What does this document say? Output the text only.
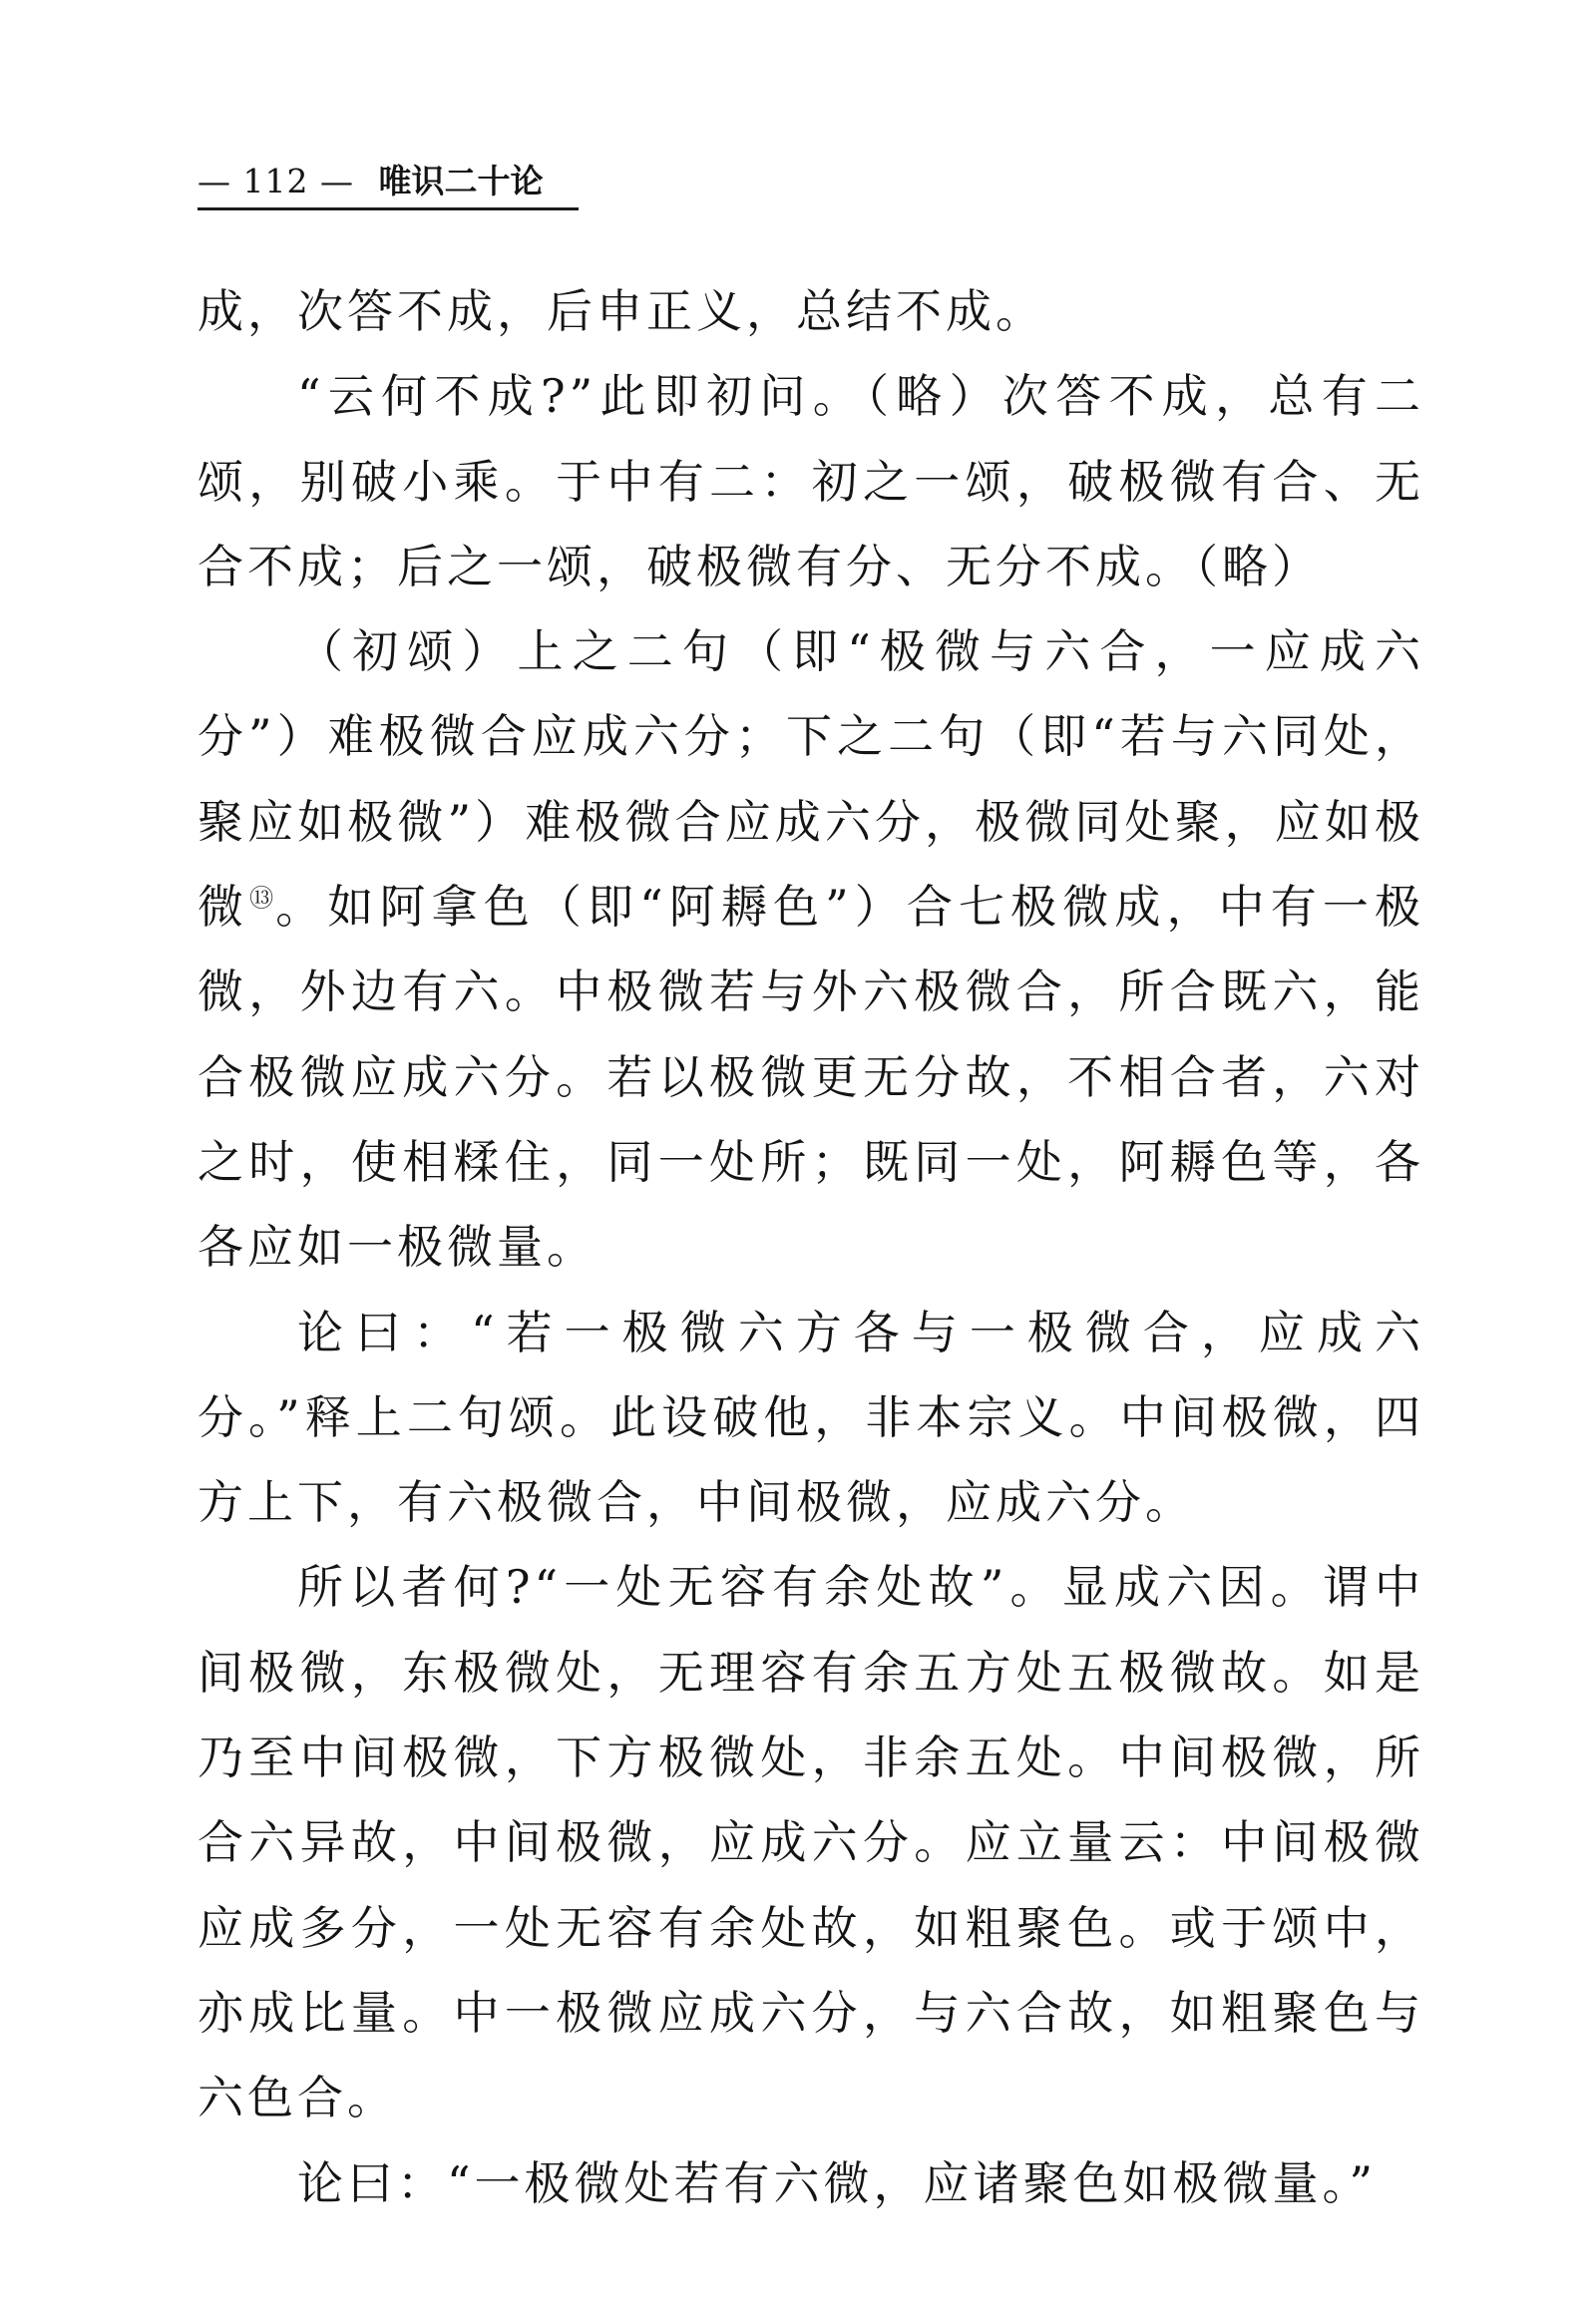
— 112 — 唯识二十论

成，次答不成，后申正义，总结不成。

“云何不成?”此即初问。（略）次答不成，总有二颂，别破小乘。于中有二：初之一颂，破极微有合、无合不成；后之一颂，破极微有分、无分不成。（略）

（初颂）上之二句（即“极微与六合，一应成六分”）难极微合应成六分；下之二句（即“若与六同处，聚应如极微”）难极微合应成六分，极微同处聚，应如极微⑬。如阿拿色（即“阿耨色”）合七极微成，中有一极微，外边有六。中极微若与外六极微合，所合既六，能合极微应成六分。若以极微更无分故，不相合者，六对之时，使相糅住，同一处所；既同一处，阿耨色等，各各应如一极微量。

论曰：“若一极微六方各与一极微合，应成六分。”释上二句颂。此设破他，非本宗义。中间极微，四方上下，有六极微合，中间极微，应成六分。

所以者何?“一处无容有余处故”。显成六因。谓中间极微，东极微处，无理容有余五方处五极微故。如是乃至中间极微，下方极微处，非余五处。中间极微，所合六异故，中间极微，应成六分。应立量云：中间极微应成多分，一处无容有余处故，如粗聚色。或于颂中，亦成比量。中一极微应成六分，与六合故，如粗聚色与六色合。

论曰：“一极微处若有六微，应诸聚色如极微量。”
